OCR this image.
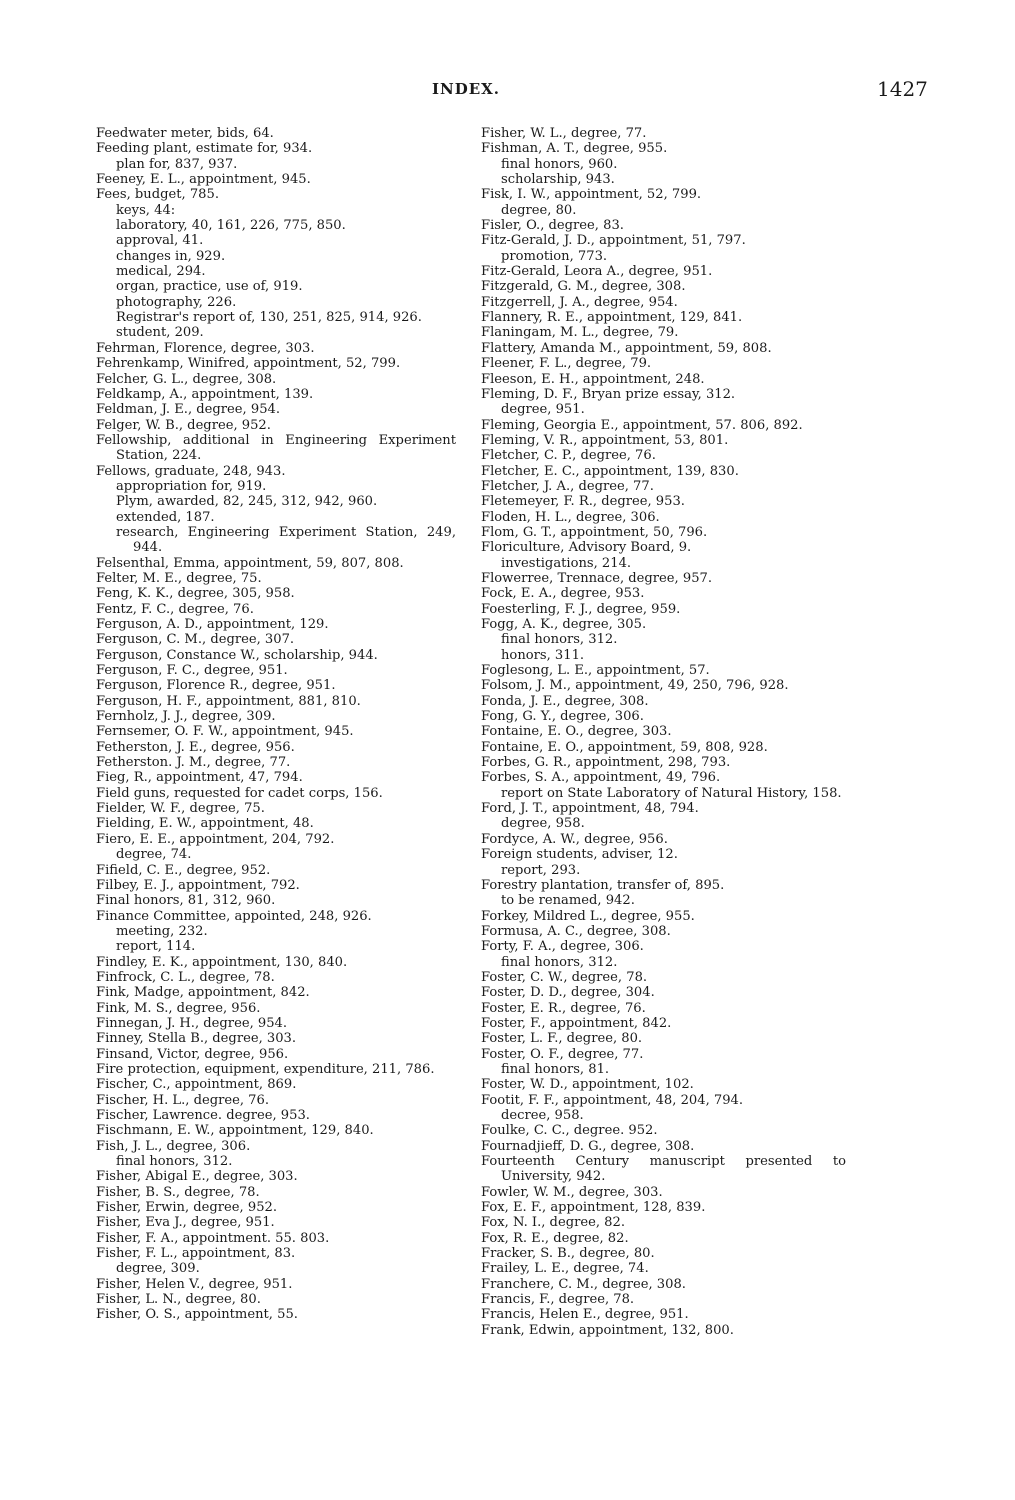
INDEX.	1427
Feedwater meter, bids, 64.
Feeding plant, estimate for, 934.
plan for, 837, 937.
Feeney, E. L., appointment, 945.
Fees, budget, 785.
keys, 44:
laboratory, 40, 161, 226, 775, 850.
approval, 41.
changes in, 929.
medical, 294.
organ, practice, use of, 919.
photography, 226.
Registrar's report of, 130, 251, 825, 914, 926.
student, 209.
Fehrman, Florence, degree, 303.
Fehrenkamp, Winifred, appointment, 52, 799.
Felcher, G. L., degree, 308.
Feldkamp, A., appointment, 139.
Feldman, J. E., degree, 954.
Felger, W. B., degree, 952.
Fellowship, additional in Engineering Experiment Station, 224.
Fellows, graduate, 248, 943.
appropriation for, 919.
Plym, awarded, 82, 245, 312, 942, 960.
extended, 187.
research, Engineering Experiment Station, 249, 944.
Felsenthal, Emma, appointment, 59, 807, 808.
Felter, M. E., degree, 75.
Feng, K. K., degree, 305, 958.
Fentz, F. C., degree, 76.
Ferguson, A. D., appointment, 129.
Ferguson, C. M., degree, 307.
Ferguson, Constance W., scholarship, 944.
Ferguson, F. C., degree, 951.
Ferguson, Florence R., degree, 951.
Ferguson, H. F., appointment, 881, 810.
Fernholz, J. J., degree, 309.
Fernsemer, O. F. W., appointment, 945.
Fetherston, J. E., degree, 956.
Fetherston. J. M., degree, 77.
Fieg, R., appointment, 47, 794.
Field guns, requested for cadet corps, 156.
Fielder, W. F., degree, 75.
Fielding, E. W., appointment, 48.
Fiero, E. E., appointment, 204, 792.
degree, 74.
Fifield, C. E., degree, 952.
Filbey, E. J., appointment, 792.
Final honors, 81, 312, 960.
Finance Committee, appointed, 248, 926.
meeting, 232.
report, 114.
Findley, E. K., appointment, 130, 840.
Finfrock, C. L., degree, 78.
Fink, Madge, appointment, 842.
Fink, M. S., degree, 956.
Finnegan, J. H., degree, 954.
Finney, Stella B., degree, 303.
Finsand, Victor, degree, 956.
Fire protection, equipment, expenditure, 211, 786.
Fischer, C., appointment, 869.
Fischer, H. L., degree, 76.
Fischer, Lawrence. degree, 953.
Fischmann, E. W., appointment, 129, 840.
Fish, J. L., degree, 306.
final honors, 312.
Fisher, Abigal E., degree, 303.
Fisher, B. S., degree, 78.
Fisher, Erwin, degree, 952.
Fisher, Eva J., degree, 951.
Fisher, F. A., appointment. 55. 803.
Fisher, F. L., appointment, 83.
degree, 309.
Fisher, Helen V., degree, 951.
Fisher, L. N., degree, 80.
Fisher, O. S., appointment, 55.
Fisher, W. L., degree, 77.
Fishman, A. T., degree, 955.
final honors, 960.
scholarship, 943.
Fisk, I. W., appointment, 52, 799.
degree, 80.
Fisler, O., degree, 83.
Fitz-Gerald, J. D., appointment, 51, 797.
promotion, 773.
Fitz-Gerald, Leora A., degree, 951.
Fitzgerald, G. M., degree, 308.
Fitzgerrell, J. A., degree, 954.
Flannery, R. E., appointment, 129, 841.
Flaningam, M. L., degree, 79.
Flattery, Amanda M., appointment, 59, 808.
Fleener, F. L., degree, 79.
Fleeson, E. H., appointment, 248.
Fleming, D. F., Bryan prize essay, 312.
degree, 951.
Fleming, Georgia E., appointment, 57. 806, 892.
Fleming, V. R., appointment, 53, 801.
Fletcher, C. P., degree, 76.
Fletcher, E. C., appointment, 139, 830.
Fletcher, J. A., degree, 77.
Fletemeyer, F. R., degree, 953.
Floden, H. L., degree, 306.
Flom, G. T., appointment, 50, 796.
Floriculture, Advisory Board, 9.
investigations, 214.
Flowerree, Trennace, degree, 957.
Fock, E. A., degree, 953.
Foesterling, F. J., degree, 959.
Fogg, A. K., degree, 305.
final honors, 312.
honors, 311.
Foglesong, L. E., appointment, 57.
Folsom, J. M., appointment, 49, 250, 796, 928.
Fonda, J. E., degree, 308.
Fong, G. Y., degree, 306.
Fontaine, E. O., degree, 303.
Fontaine, E. O., appointment, 59, 808, 928.
Forbes, G. R., appointment, 298, 793.
Forbes, S. A., appointment, 49, 796.
report on State Laboratory of Natural History, 158.
Ford, J. T., appointment, 48, 794.
degree, 958.
Fordyce, A. W., degree, 956.
Foreign students, adviser, 12.
report, 293.
Forestry plantation, transfer of, 895.
to be renamed, 942.
Forkey, Mildred L., degree, 955.
Formusa, A. C., degree, 308.
Forty, F. A., degree, 306.
final honors, 312.
Foster, C. W., degree, 78.
Foster, D. D., degree, 304.
Foster, E. R., degree, 76.
Foster, F., appointment, 842.
Foster, L. F., degree, 80.
Foster, O. F., degree, 77.
final honors, 81.
Foster, W. D., appointment, 102.
Footit, F. F., appointment, 48, 204, 794.
decree, 958.
Foulke, C. C., degree. 952.
Fournadjieff, D. G., degree, 308.
Fourteenth Century manuscript presented to University, 942.
Fowler, W. M., degree, 303.
Fox, E. F., appointment, 128, 839.
Fox, N. I., degree, 82.
Fox, R. E., degree, 82.
Fracker, S. B., degree, 80.
Frailey, L. E., degree, 74.
Franchere, C. M., degree, 308.
Francis, F., degree, 78.
Francis, Helen E., degree, 951.
Frank, Edwin, appointment, 132, 800.
